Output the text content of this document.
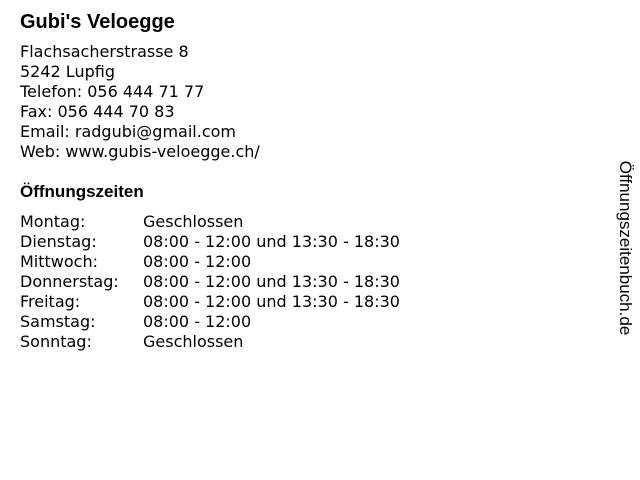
Gubi's Veloegge
Flachsacherstrasse 8
5242 Lupfig
Telefon: 056 444 71 77
Fax: 056 444 70 83
Email: radgubi@gmail.com
Web: www.gubis-veloegge.ch/
Öffnungszeiten
Montag:	Geschlossen
Dienstag:	08:00 - 12:00 und 13:30 - 18:30
Mittwoch:	08:00 - 12:00
Donnerstag:	08:00 - 12:00 und 13:30 - 18:30
Freitag:	08:00 - 12:00 und 13:30 - 18:30
Samstag:	08:00 - 12:00
Sonntag:	Geschlossen
Öffnungszeitenbuch.de
